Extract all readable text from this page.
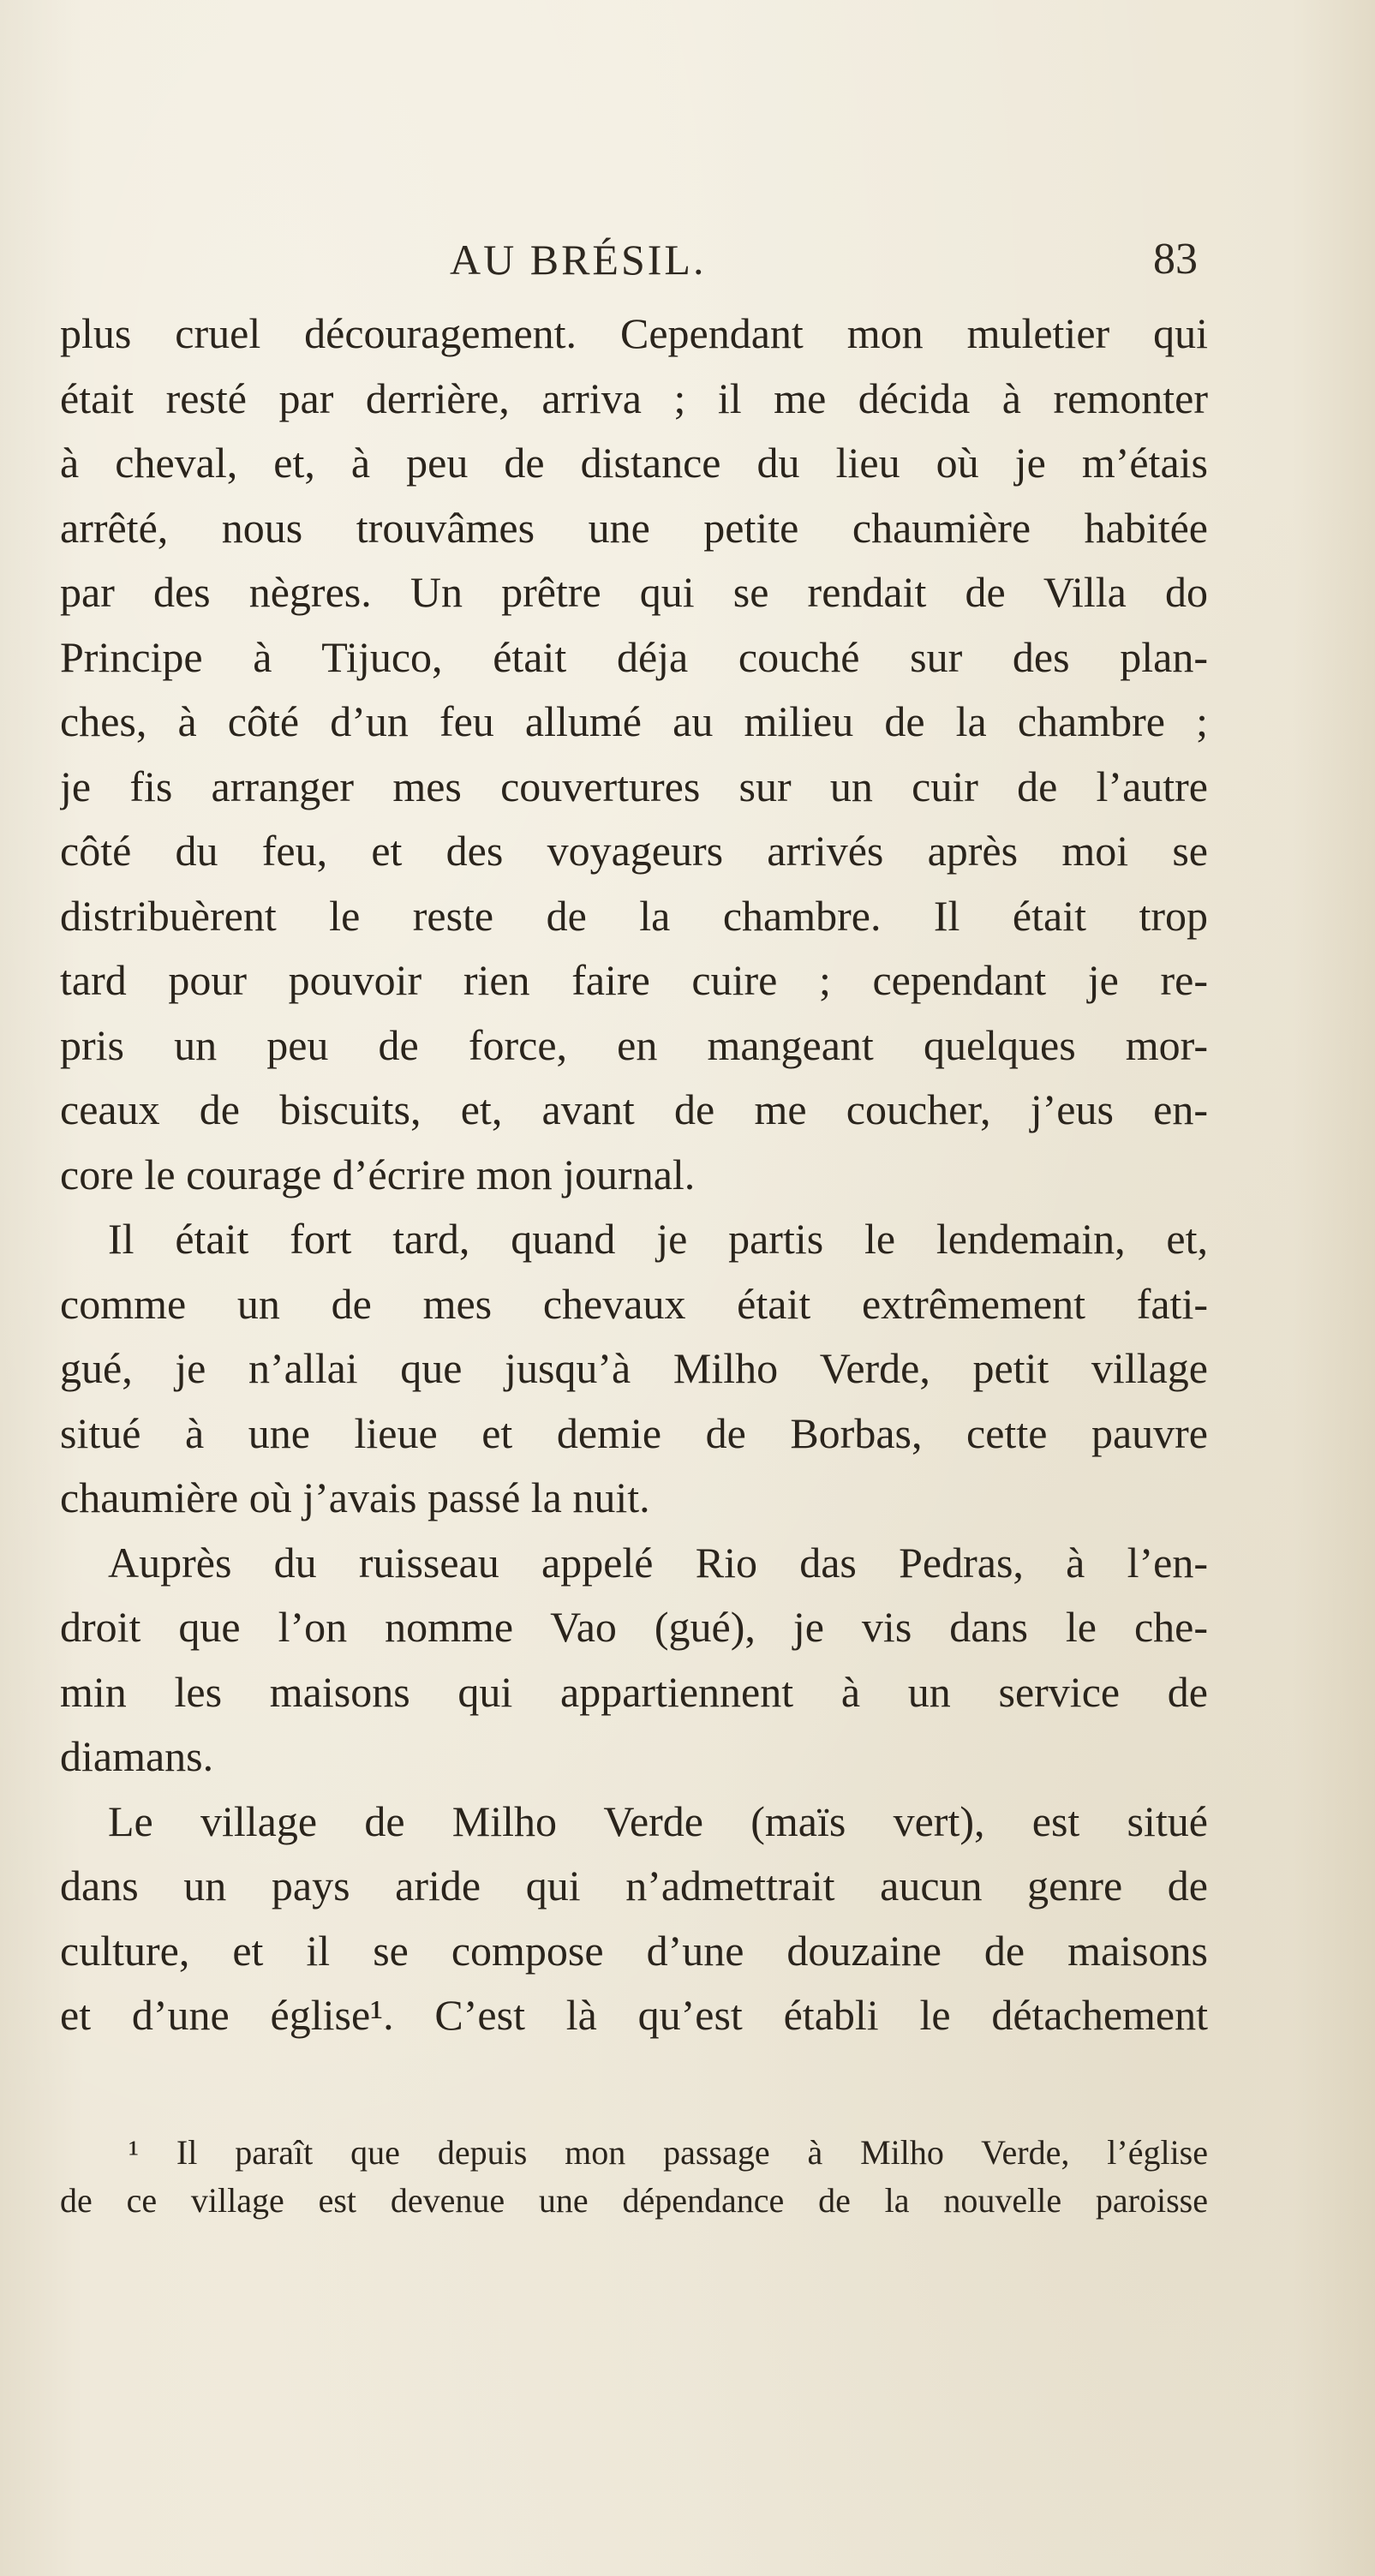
AU BRÉSIL.	83
plus cruel découragement. Cependant mon muletier qui
était resté par derrière, arriva ; il me décida à remonter
à cheval, et, à peu de distance du lieu où je m’étais
arrêté, nous trouvâmes une petite chaumière habitée
par des nègres. Un prêtre qui se rendait de Villa do
Principe à Tijuco, était déja couché sur des plan-
ches, à côté d’un feu allumé au milieu de la chambre ;
je fis arranger mes couvertures sur un cuir de l’autre
côté du feu, et des voyageurs arrivés après moi se
distribuèrent le reste de la chambre. Il était trop
tard pour pouvoir rien faire cuire ; cependant je re-
pris un peu de force, en mangeant quelques mor-
ceaux de biscuits, et, avant de me coucher, j’eus en-
core le courage d’écrire mon journal.
Il était fort tard, quand je partis le lendemain, et,
comme un de mes chevaux était extrêmement fati-
gué, je n’allai que jusqu’à Milho Verde, petit village
situé à une lieue et demie de Borbas, cette pauvre
chaumière où j’avais passé la nuit.
Auprès du ruisseau appelé Rio das Pedras, à l’en-
droit que l’on nomme Vao (gué), je vis dans le che-
min les maisons qui appartiennent à un service de
diamans.
Le village de Milho Verde (maïs vert), est situé
dans un pays aride qui n’admettrait aucun genre de
culture, et il se compose d’une douzaine de maisons
et d’une église¹. C’est là qu’est établi le détachement
¹ Il paraît que depuis mon passage à Milho Verde, l’église
de ce village est devenue une dépendance de la nouvelle paroisse
